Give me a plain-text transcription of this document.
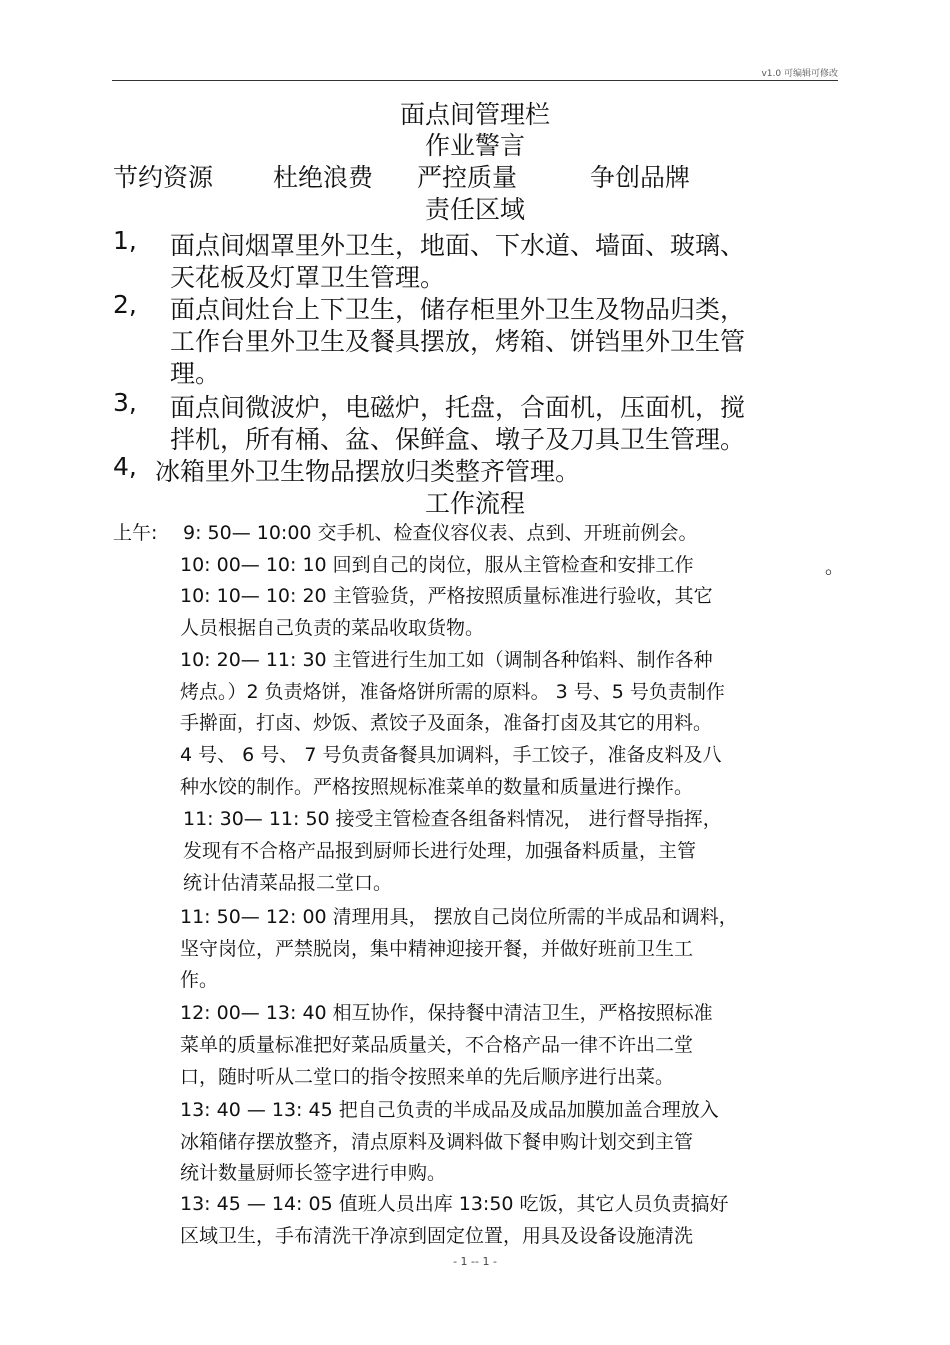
v1.0 可编辑可修改
面点间管理栏
作业警言
节约资源 杜绝浪费 严控质量	争创品牌
责任区域
1, 面点间烟罩里外卫生，地面、下水道、墙面、玻璃、
天花板及灯罩卫生管理。
2, 面点间灶台上下卫生，储存柜里外卫生及物品归类，
工作台里外卫生及餐具摆放，烤箱、饼铛里外卫生管
理。
3, 面点间微波炉，电磁炉，托盘，合面机，压面机，搅
拌机，所有桶、盆、保鲜盒、墩子及刀具卫生管理。
4, 冰箱里外卫生物品摆放归类整齐管理。
工作流程
上午: 9: 50— 10:00 交手机、检查仪容仪表、点到、开班前例会。
10: 00— 10: 10 回到自己的岗位，服从主管检查和安排工作	。
10: 10— 10: 20 主管验货，严格按照质量标准进行验收，其它
人员根据自己负责的菜品收取货物。
10: 20— 11: 30 主管进行生加工如（调制各种馅料、制作各种
烤点。）2 负责烙饼，准备烙饼所需的原料。 3 号、5 号负责制作
手擀面，打卤、炒饭、煮饺子及面条，准备打卤及其它的用料。
4 号、 6 号、 7 号负责备餐具加调料，手工饺子，准备皮料及八
种水饺的制作。严格按照规标准菜单的数量和质量进行操作。
11: 30— 11: 50 接受主管检查各组备料情况， 进行督导指挥，
发现有不合格产品报到厨师长进行处理，加强备料质量，主管
统计估清菜品报二堂口。
11: 50— 12: 00 清理用具， 摆放自己岗位所需的半成品和调料，
坚守岗位，严禁脱岗，集中精神迎接开餐，并做好班前卫生工
作。
12: 00— 13: 40 相互协作，保持餐中清洁卫生，严格按照标准
菜单的质量标准把好菜品质量关，不合格产品一律不许出二堂
口，随时听从二堂口的指令按照来单的先后顺序进行出菜。
13: 40 — 13: 45 把自己负责的半成品及成品加膜加盖合理放入
冰箱储存摆放整齐，清点原料及调料做下餐申购计划交到主管
统计数量厨师长签字进行申购。
13: 45 — 14: 05 值班人员出库 13:50 吃饭，其它人员负责搞好
区域卫生，手布清洗干净凉到固定位置，用具及设备设施清洗
- 1 -- 1 -
